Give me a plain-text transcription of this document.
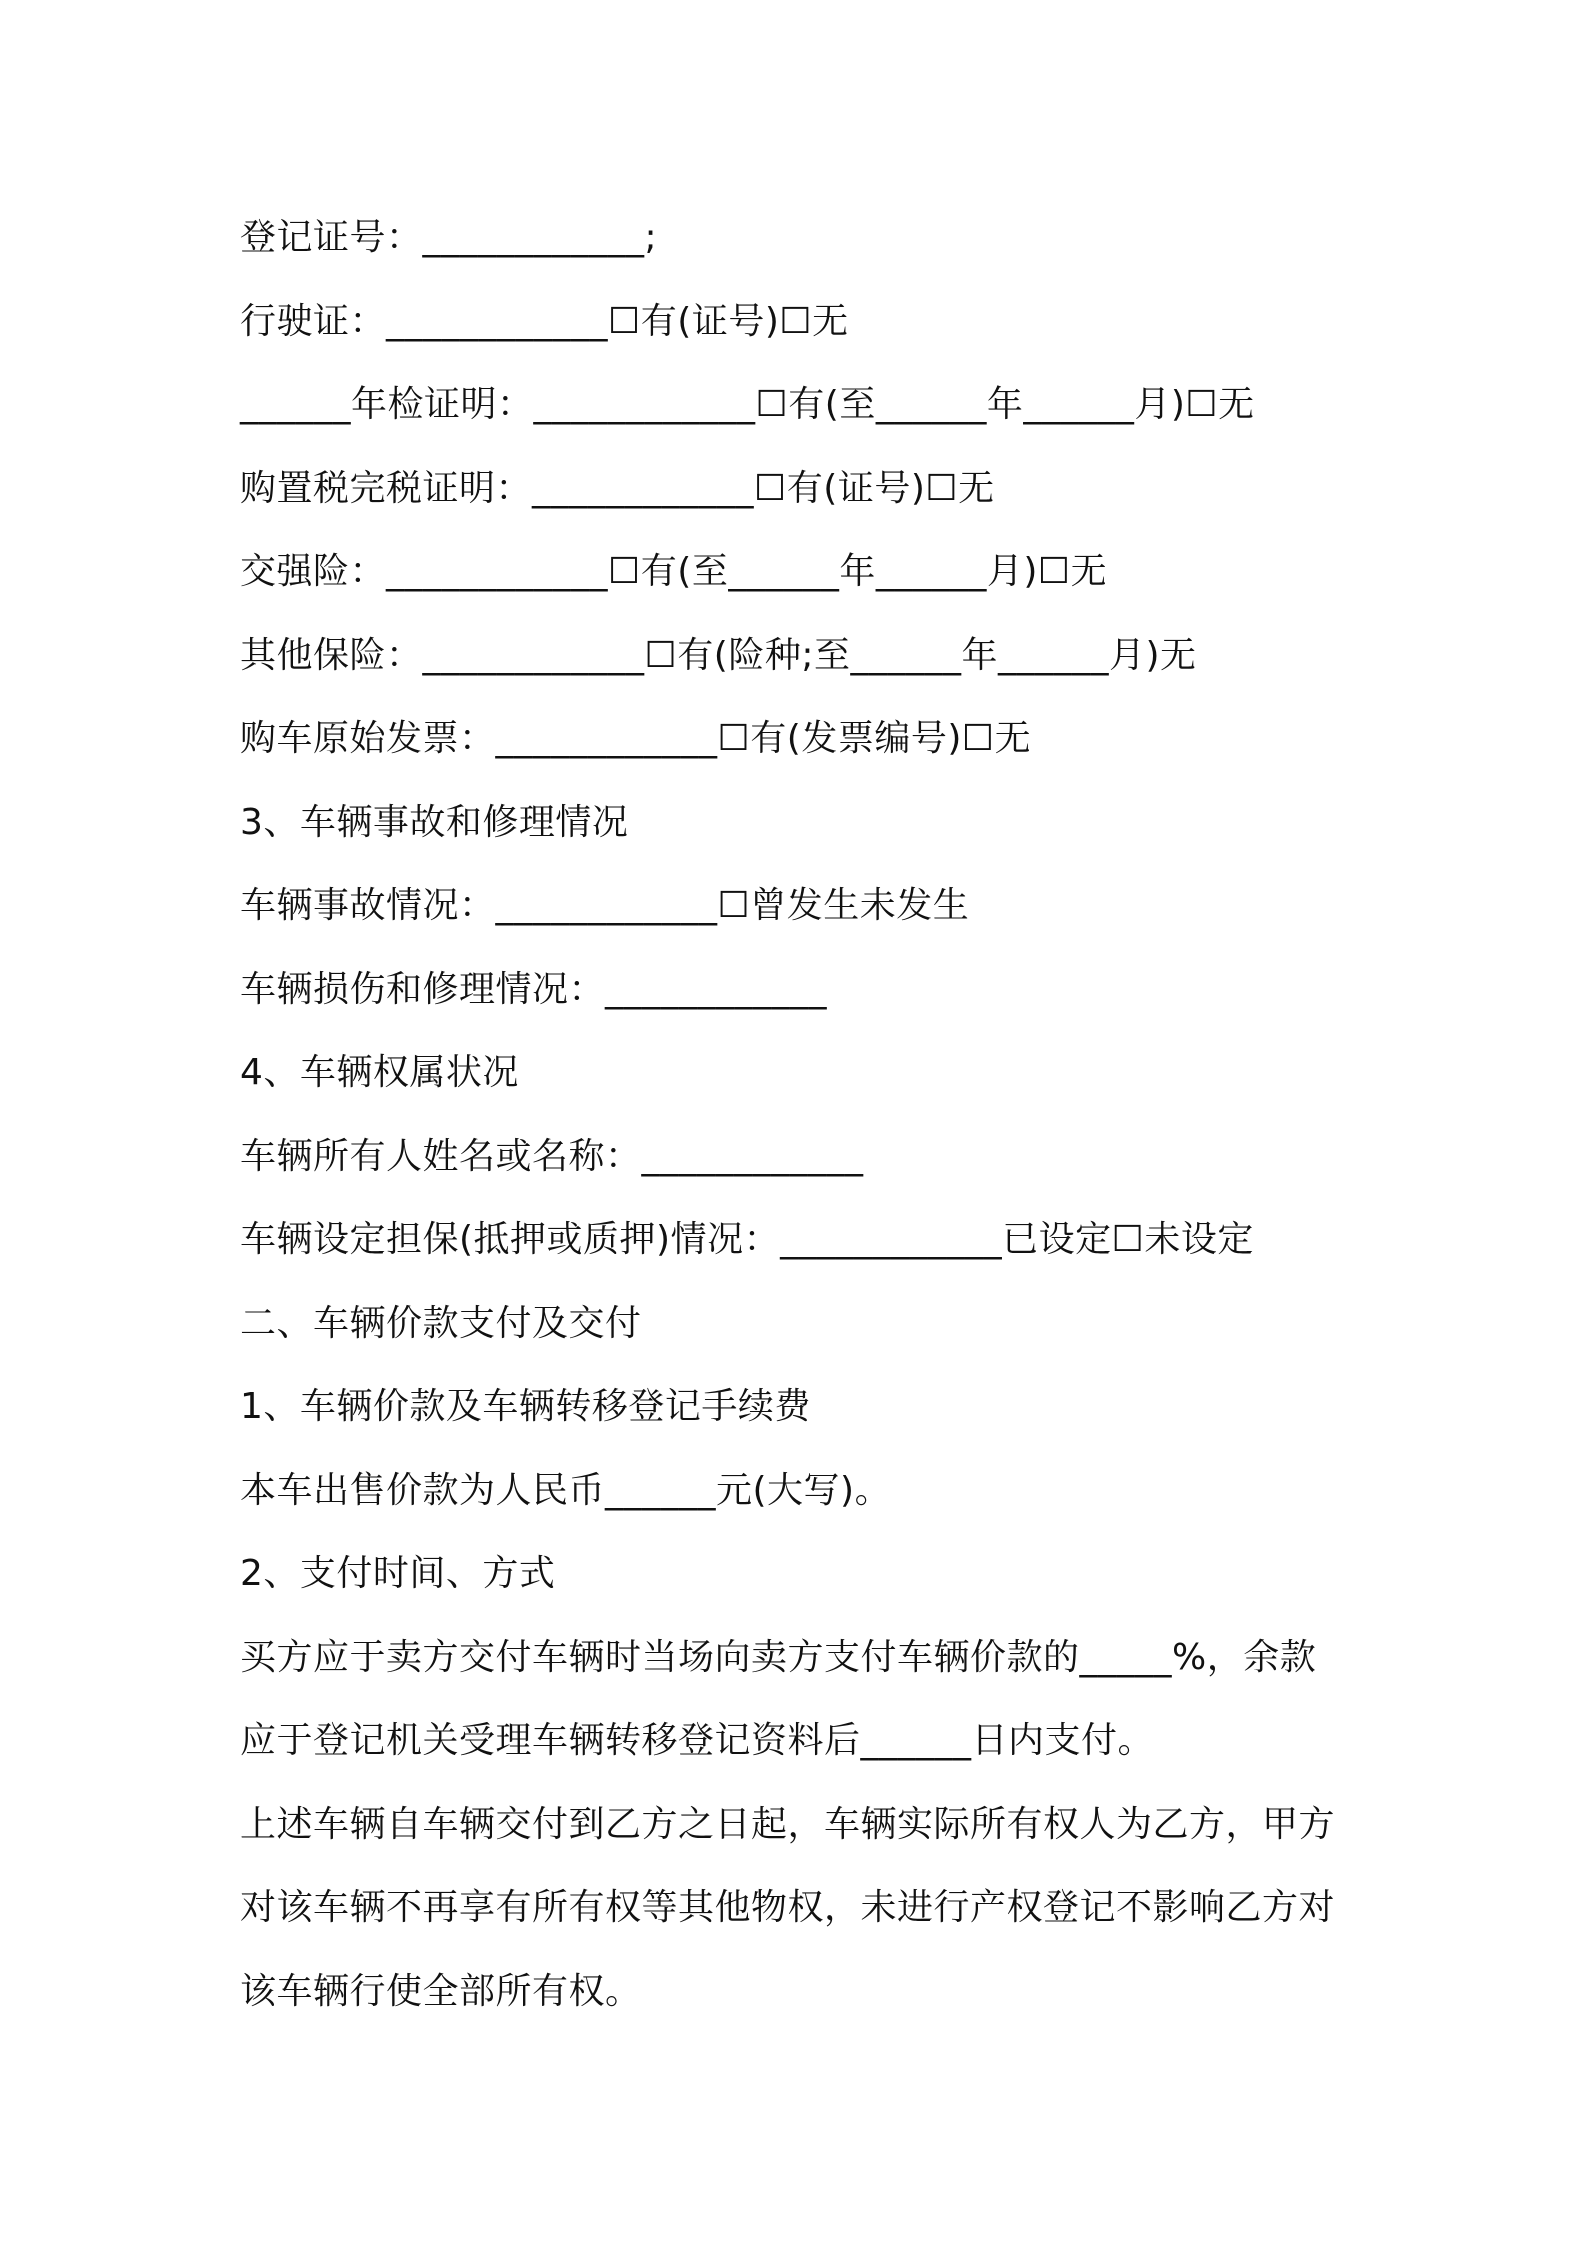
登记证号：____________;
行驶证：____________☐有(证号)☐无
______年检证明：____________☐有(至______年______月)☐无
购置税完税证明：____________☐有(证号)☐无
交强险：____________☐有(至______年______月)☐无
其他保险：____________☐有(险种;至______年______月)无
购车原始发票：____________☐有(发票编号)☐无
3、车辆事故和修理情况
车辆事故情况：____________☐曾发生未发生
车辆损伤和修理情况：____________
4、车辆权属状况
车辆所有人姓名或名称：____________
车辆设定担保(抵押或质押)情况：____________已设定☐未设定
二、车辆价款支付及交付
1、车辆价款及车辆转移登记手续费
本车出售价款为人民币______元(大写)。
2、支付时间、方式
买方应于卖方交付车辆时当场向卖方支付车辆价款的_____%，余款
应于登记机关受理车辆转移登记资料后______日内支付。
上述车辆自车辆交付到乙方之日起，车辆实际所有权人为乙方，甲方
对该车辆不再享有所有权等其他物权，未进行产权登记不影响乙方对
该车辆行使全部所有权。
